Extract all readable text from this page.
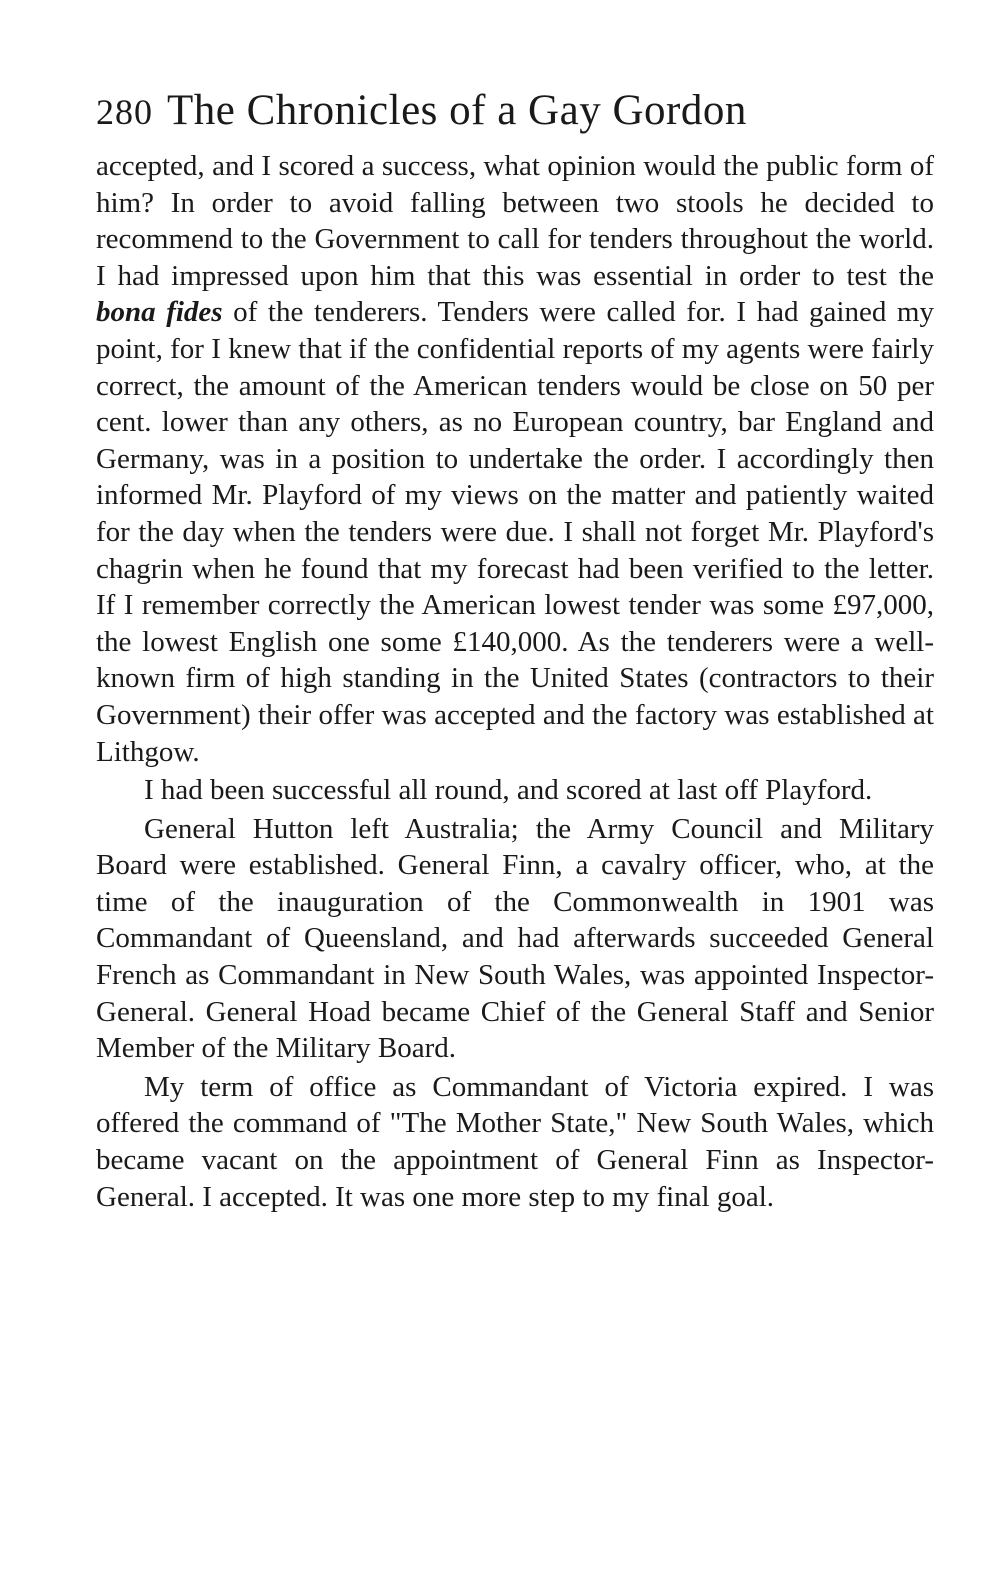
280 The Chronicles of a Gay Gordon

accepted, and I scored a success, what opinion would the public form of him? In order to avoid falling between two stools he decided to recommend to the Government to call for tenders throughout the world. I had impressed upon him that this was essential in order to test the bona fides of the tenderers. Tenders were called for. I had gained my point, for I knew that if the confidential reports of my agents were fairly correct, the amount of the American tenders would be close on 50 per cent. lower than any others, as no European country, bar England and Germany, was in a position to undertake the order. I accordingly then informed Mr. Playford of my views on the matter and patiently waited for the day when the tenders were due. I shall not forget Mr. Playford's chagrin when he found that my forecast had been verified to the letter. If I remember correctly the American lowest tender was some £97,000, the lowest English one some £140,000. As the tenderers were a well-known firm of high standing in the United States (contractors to their Government) their offer was accepted and the factory was established at Lithgow.

I had been successful all round, and scored at last off Playford.

General Hutton left Australia; the Army Council and Military Board were established. General Finn, a cavalry officer, who, at the time of the inauguration of the Commonwealth in 1901 was Commandant of Queensland, and had afterwards succeeded General French as Commandant in New South Wales, was appointed Inspector-General. General Hoad became Chief of the General Staff and Senior Member of the Military Board.

My term of office as Commandant of Victoria expired. I was offered the command of "The Mother State," New South Wales, which became vacant on the appointment of General Finn as Inspector-General. I accepted. It was one more step to my final goal.
